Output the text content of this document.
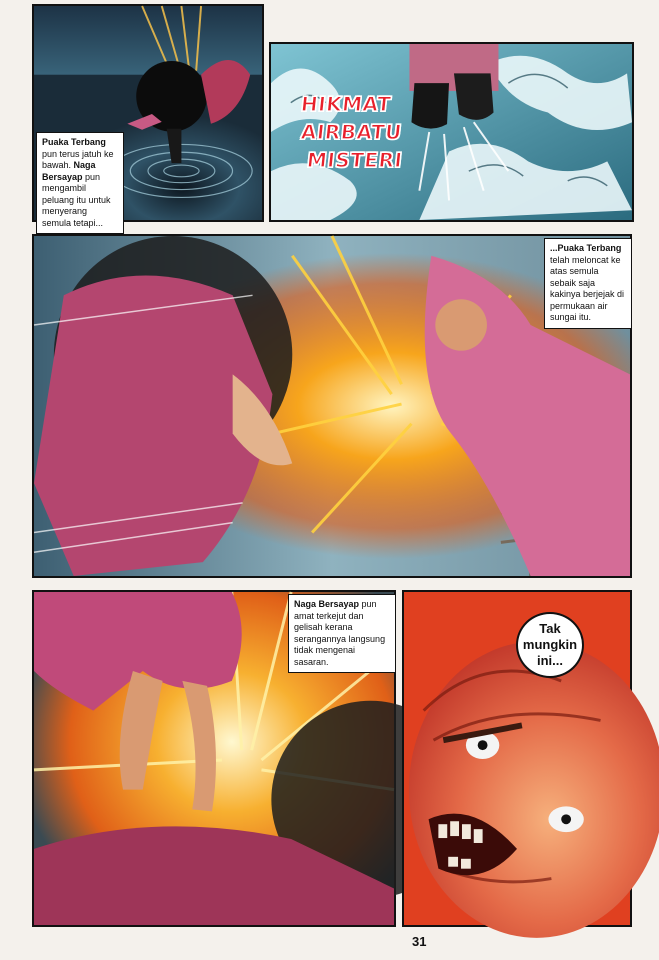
Puaka Terbang pun terus jatuh ke bawah. Naga Bersayap pun mengambil peluang itu untuk menyerang semula tetapi...
HIKMAT
AIRBATU
MISTERI
...Puaka Terbang telah meloncat ke atas semula sebaik saja kakinya berjejak di permukaan air sungai itu.
Naga Bersayap pun amat terkejut dan gelisah kerana serangannya langsung tidak mengenai sasaran.
Tak mungkin ini...
31
